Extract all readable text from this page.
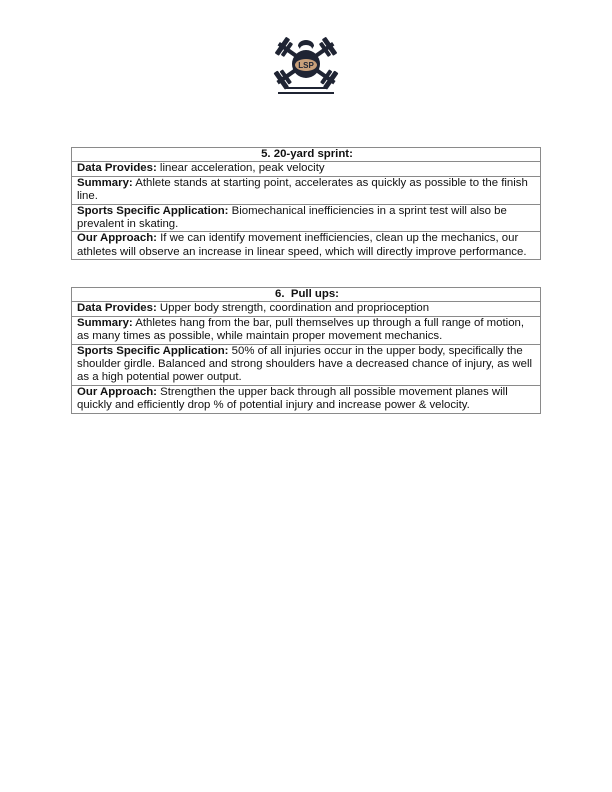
LSP
5. 20-yard sprint:
Data Provides: linear acceleration, peak velocity
Summary: Athlete stands at starting point, accelerates as quickly as possible to the finish line.
Sports Specific Application: Biomechanical inefficiencies in a sprint test will also be prevalent in skating.
Our Approach: If we can identify movement inefficiencies, clean up the mechanics, our athletes will observe an increase in linear speed, which will directly improve performance.
6.  Pull ups:
Data Provides: Upper body strength, coordination and proprioception
Summary: Athletes hang from the bar, pull themselves up through a full range of motion, as many times as possible, while maintain proper movement mechanics.
Sports Specific Application: 50% of all injuries occur in the upper body, specifically the shoulder girdle. Balanced and strong shoulders have a decreased chance of injury, as well as a high potential power output.
Our Approach: Strengthen the upper back through all possible movement planes will quickly and efficiently drop % of potential injury and increase power & velocity.
